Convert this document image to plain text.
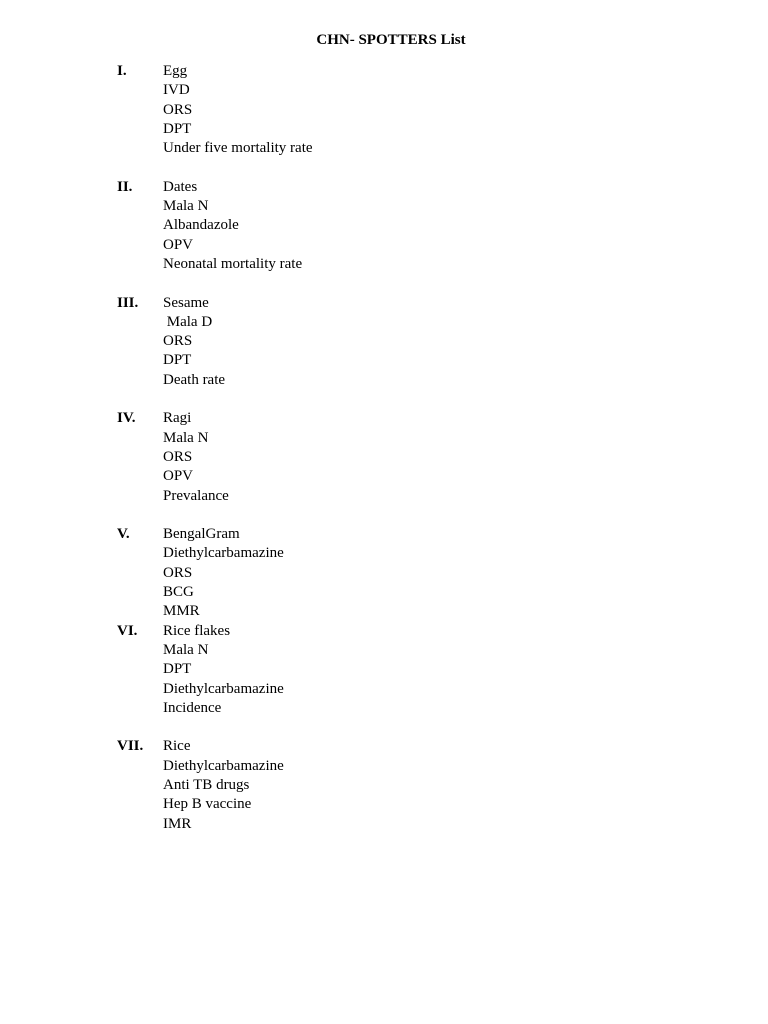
CHN- SPOTTERS List
I. Egg
IVD
ORS
DPT
Under five mortality rate
II. Dates
Mala N
Albandazole
OPV
Neonatal mortality rate
III. Sesame
Mala D
ORS
DPT
Death rate
IV. Ragi
Mala N
ORS
OPV
Prevalance
V. BengalGram
Diethylcarbamazine
ORS
BCG
MMR
VI. Rice flakes
Mala N
DPT
Diethylcarbamazine
Incidence
VII. Rice
Diethylcarbamazine
Anti TB drugs
Hep B vaccine
IMR
